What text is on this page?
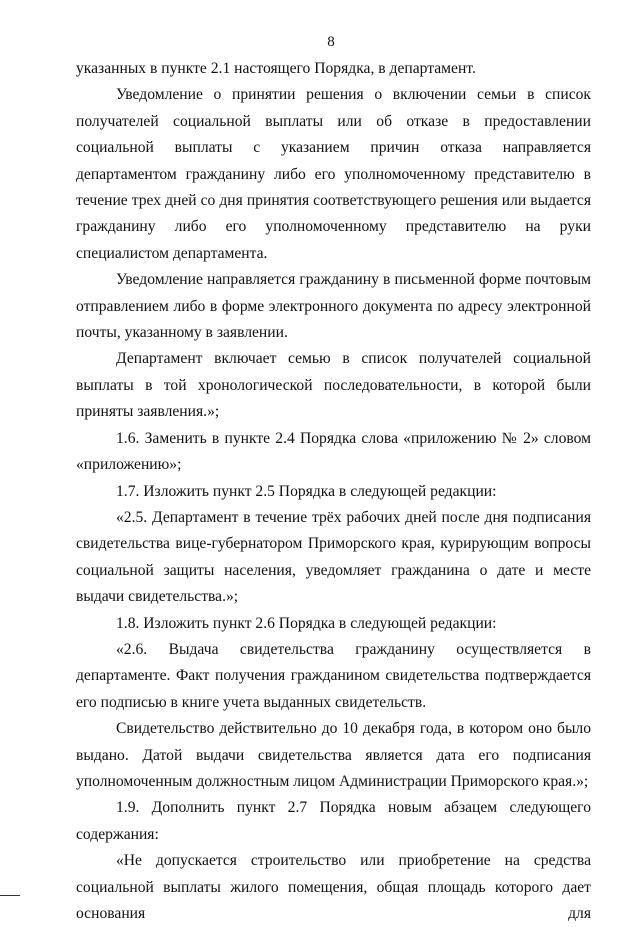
8

указанных в пункте 2.1 настоящего Порядка, в департамент.

Уведомление о принятии решения о включении семьи в список получателей социальной выплаты или об отказе в предоставлении социальной выплаты с указанием причин отказа направляется департаментом гражданину либо его уполномоченному представителю в течение трех дней со дня принятия соответствующего решения или выдается гражданину либо его уполномоченному представителю на руки специалистом департамента.

Уведомление направляется гражданину в письменной форме почтовым отправлением либо в форме электронного документа по адресу электронной почты, указанному в заявлении.

Департамент включает семью в список получателей социальной выплаты в той хронологической последовательности, в которой были приняты заявления.»;

1.6. Заменить в пункте 2.4 Порядка слова «приложению № 2» словом «приложению»;

1.7. Изложить пункт 2.5 Порядка в следующей редакции:

«2.5. Департамент в течение трёх рабочих дней после дня подписания свидетельства вице-губернатором Приморского края, курирующим вопросы социальной защиты населения, уведомляет гражданина о дате и месте выдачи свидетельства.»;

1.8. Изложить пункт 2.6 Порядка в следующей редакции:

«2.6. Выдача свидетельства гражданину осуществляется в департаменте. Факт получения гражданином свидетельства подтверждается его подписью в книге учета выданных свидетельств.

Свидетельство действительно до 10 декабря года, в котором оно было выдано. Датой выдачи свидетельства является дата его подписания уполномоченным должностным лицом Администрации Приморского края.»;

1.9. Дополнить пункт 2.7 Порядка новым абзацем следующего содержания:

«Не допускается строительство или приобретение на средства социальной выплаты жилого помещения, общая площадь которого дает основания для
